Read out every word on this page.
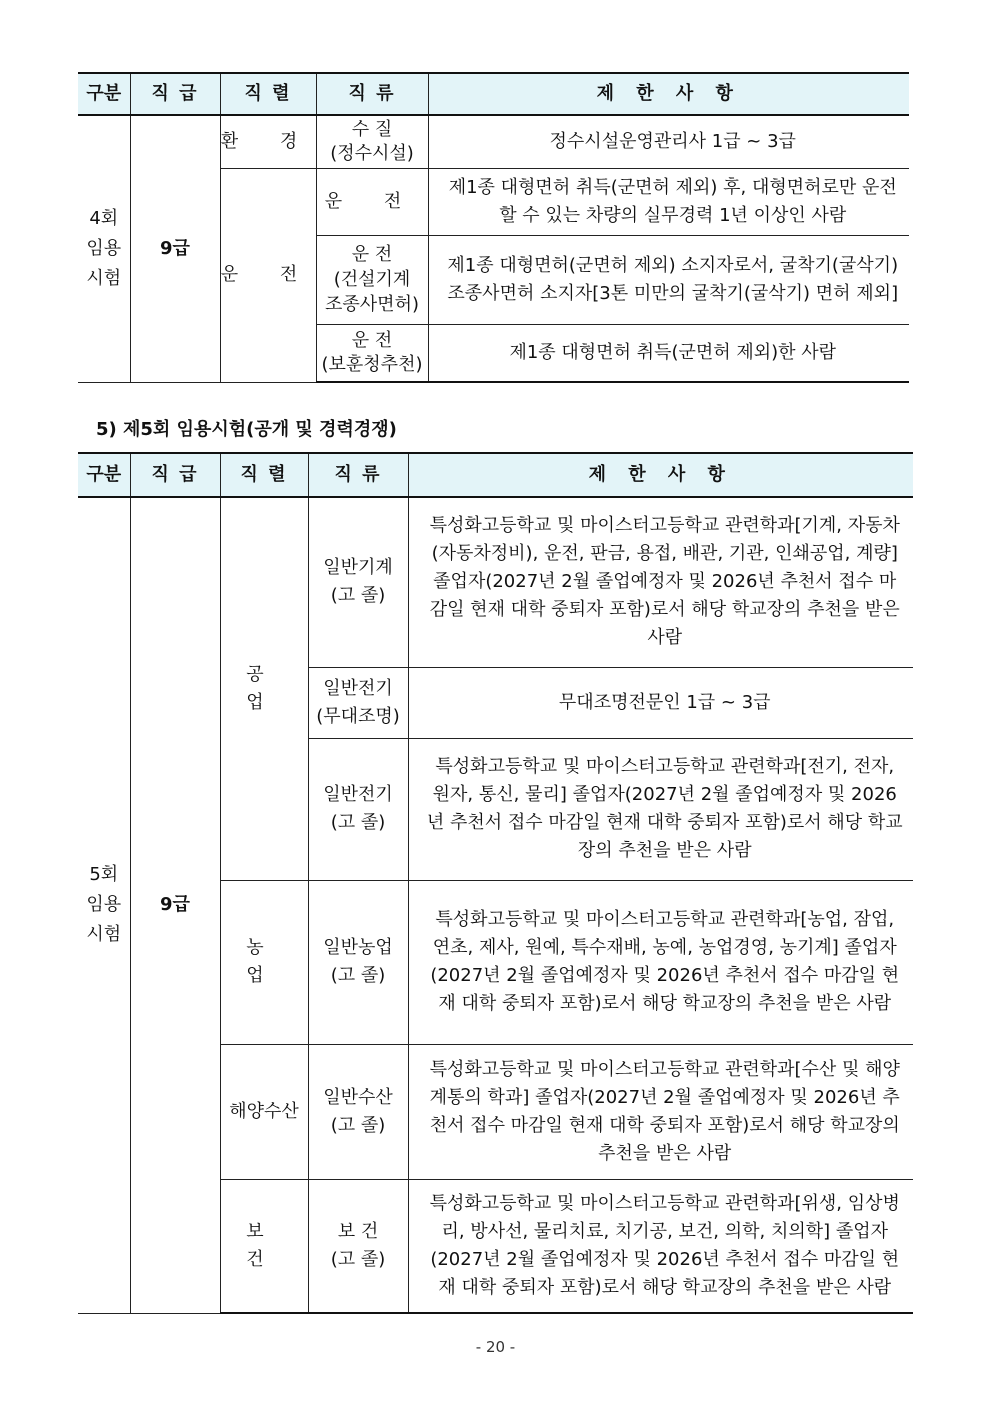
구분	직 급	직 렬	직 류	제 한 사 항
4회
임용
시험	9급	환 경	수 질
(정수시설)	정수시설운영관리사 1급 ~ 3급
		운 전	운 전	제1종 대형면허 취득(군면허 제외) 후, 대형면허로만 운전할 수 있는 차량의 실무경력 1년 이상인 사람
			운 전
(건설기계
조종사면허)	제1종 대형면허(군면허 제외) 소지자로서, 굴착기(굴삭기)조종사면허 소지자[3톤 미만의 굴착기(굴삭기) 면허 제외]
			운 전
(보훈청추천)	제1종 대형면허 취득(군면허 제외)한 사람
5) 제5회 임용시험(공개 및 경력경쟁)
구분	직 급	직 렬	직 류	제 한 사 항
5회
임용
시험	9급	공 업	일반기계
(고 졸)	특성화고등학교 및 마이스터고등학교 관련학과[기계, 자동차(자동차정비), 운전, 판금, 용접, 배관, 기관, 인쇄공업, 계량] 졸업자(2027년 2월 졸업예정자 및 2026년 추천서 접수 마감일 현재 대학 중퇴자 포함)로서 해당 학교장의 추천을 받은 사람
			일반전기
(무대조명)	무대조명전문인 1급 ~ 3급
			일반전기
(고 졸)	특성화고등학교 및 마이스터고등학교 관련학과[전기, 전자, 원자, 통신, 물리] 졸업자(2027년 2월 졸업예정자 및 2026년 추천서 접수 마감일 현재 대학 중퇴자 포함)로서 해당 학교장의 추천을 받은 사람
		농 업	일반농업
(고 졸)	특성화고등학교 및 마이스터고등학교 관련학과[농업, 잠업, 연초, 제사, 원예, 특수재배, 농예, 농업경영, 농기계] 졸업자(2027년 2월 졸업예정자 및 2026년 추천서 접수 마감일 현재 대학 중퇴자 포함)로서 해당 학교장의 추천을 받은 사람
		해양수산	일반수산
(고 졸)	특성화고등학교 및 마이스터고등학교 관련학과[수산 및 해양계통의 학과] 졸업자(2027년 2월 졸업예정자 및 2026년 추천서 접수 마감일 현재 대학 중퇴자 포함)로서 해당 학교장의 추천을 받은 사람
		보 건	보 건
(고 졸)	특성화고등학교 및 마이스터고등학교 관련학과[위생, 임상병리, 방사선, 물리치료, 치기공, 보건, 의학, 치의학] 졸업자(2027년 2월 졸업예정자 및 2026년 추천서 접수 마감일 현재 대학 중퇴자 포함)로서 해당 학교장의 추천을 받은 사람
- 20 -
